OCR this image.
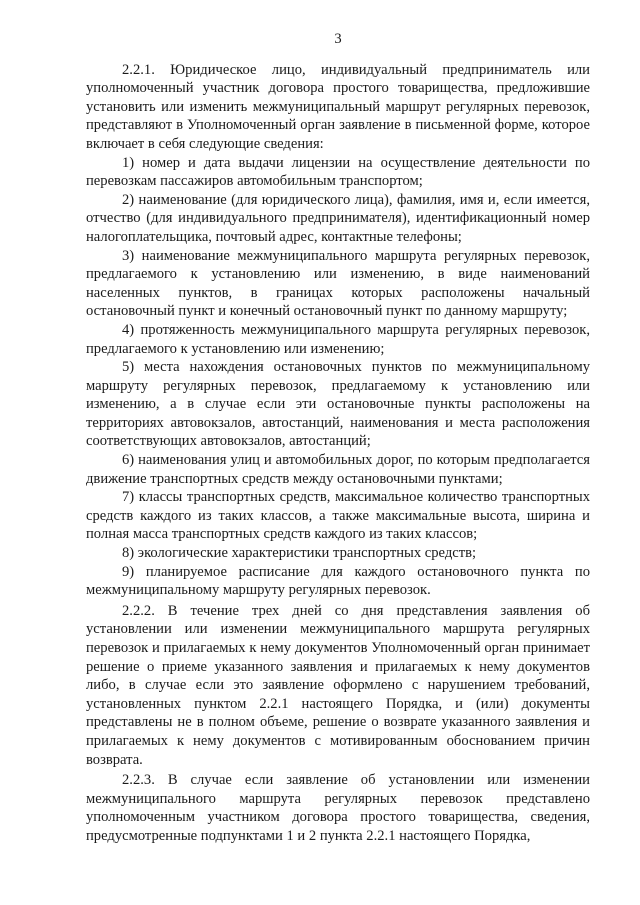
3

2.2.1. Юридическое лицо, индивидуальный предприниматель или уполномоченный участник договора простого товарищества, предложившие установить или изменить межмуниципальный маршрут регулярных перевозок, представляют в Уполномоченный орган заявление в письменной форме, которое включает в себя следующие сведения:

1) номер и дата выдачи лицензии на осуществление деятельности по перевозкам пассажиров автомобильным транспортом;

2) наименование (для юридического лица), фамилия, имя и, если имеется, отчество (для индивидуального предпринимателя), идентификационный номер налогоплательщика, почтовый адрес, контактные телефоны;

3) наименование межмуниципального маршрута регулярных перевозок, предлагаемого к установлению или изменению, в виде наименований населенных пунктов, в границах которых расположены начальный остановочный пункт и конечный остановочный пункт по данному маршруту;

4) протяженность межмуниципального маршрута регулярных перевозок, предлагаемого к установлению или изменению;

5) места нахождения остановочных пунктов по межмуниципальному маршруту регулярных перевозок, предлагаемому к установлению или изменению, а в случае если эти остановочные пункты расположены на территориях автовокзалов, автостанций, наименования и места расположения соответствующих автовокзалов, автостанций;

6) наименования улиц и автомобильных дорог, по которым предполагается движение транспортных средств между остановочными пунктами;

7) классы транспортных средств, максимальное количество транспортных средств каждого из таких классов, а также максимальные высота, ширина и полная масса транспортных средств каждого из таких классов;

8) экологические характеристики транспортных средств;

9) планируемое расписание для каждого остановочного пункта по межмуниципальному маршруту регулярных перевозок.

2.2.2. В течение трех дней со дня представления заявления об установлении или изменении межмуниципального маршрута регулярных перевозок и прилагаемых к нему документов Уполномоченный орган принимает решение о приеме указанного заявления и прилагаемых к нему документов либо, в случае если это заявление оформлено с нарушением требований, установленных пунктом 2.2.1 настоящего Порядка, и (или) документы представлены не в полном объеме, решение о возврате указанного заявления и прилагаемых к нему документов с мотивированным обоснованием причин возврата.

2.2.3. В случае если заявление об установлении или изменении межмуниципального маршрута регулярных перевозок представлено уполномоченным участником договора простого товарищества, сведения, предусмотренные подпунктами 1 и 2 пункта 2.2.1 настоящего Порядка,
